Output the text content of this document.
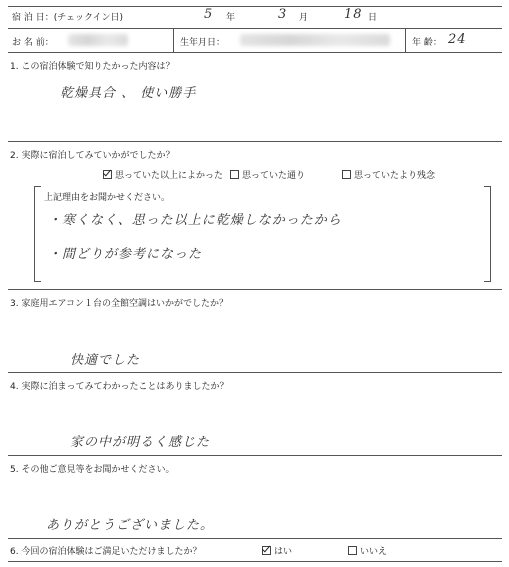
宿 泊 日：(チェックイン日)	5 年	3 月	18 日
お 名 前：	生年月日：	年 齢： 24
1. この宿泊体験で知りたかった内容は？
乾燥具合 、 使い勝手
2. 実際に宿泊してみていかがでしたか？
思っていた以上によかった	思っていた通り	思っていたより残念
上記理由をお聞かせください。
・寒くなく、思った以上に乾燥しなかったから
・間どりが参考になった
3. 家庭用エアコン１台の全館空調はいかがでしたか？
快適でした
4. 実際に泊まってみてわかったことはありましたか？
家の中が明るく感じた
5. その他ご意見等をお聞かせください。
ありがとうございました。
6. 今回の宿泊体験はご満足いただけましたか？	はい	いいえ
